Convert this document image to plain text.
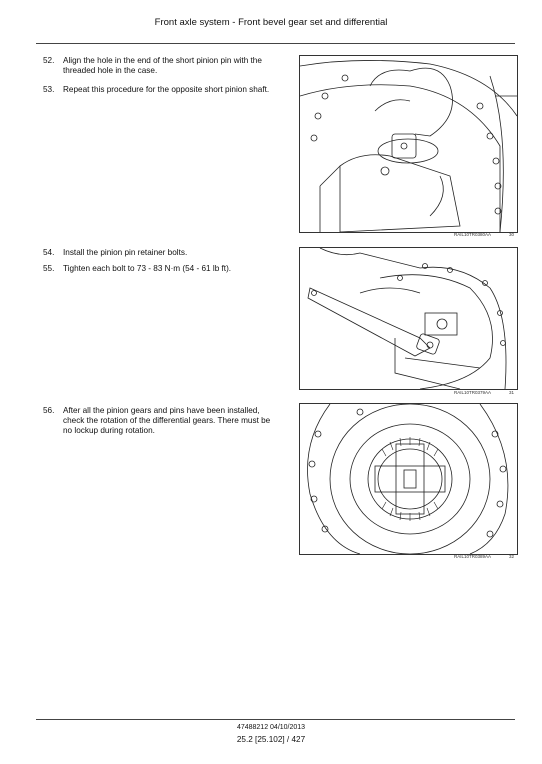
Front axle system - Front bevel gear set and differential
52. Align the hole in the end of the short pinion pin with the threaded hole in the case.
53. Repeat this procedure for the opposite short pinion shaft.
54. Install the pinion pin retainer bolts.
55. Tighten each bolt to 73 - 83 N·m (54 - 61 lb ft).
56. After all the pinion gears and pins have been installed, check the rotation of the differential gears. There must be no lockup during rotation.
RAIL10TR0380AA	30
RAIL10TR0379AA	31
RAIL10TR0389AA	32
47488212 04/10/2013
25.2 [25.102] / 427
